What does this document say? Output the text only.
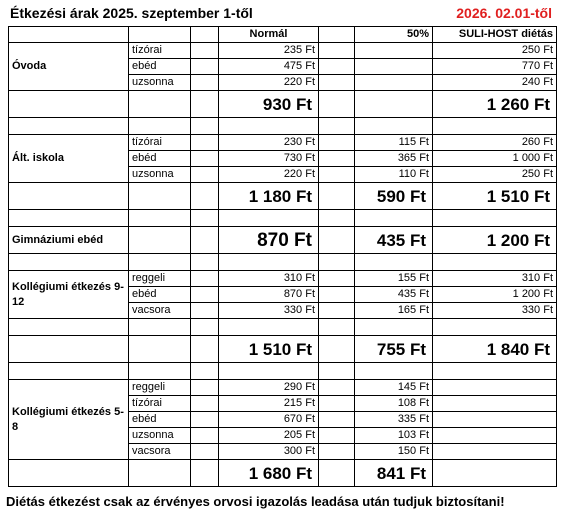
Étkezési árak 2025. szeptember 1-től	2026. 02.01-től
			Normál		50%	SULI-HOST diétás
Óvoda	tízórai		235 Ft			250 Ft
	ebéd		475 Ft			770 Ft
	uzsonna		220 Ft			240 Ft
			930 Ft			1 260 Ft

Ált. iskola	tízórai		230 Ft		115 Ft	260 Ft
	ebéd		730 Ft		365 Ft	1 000 Ft
	uzsonna		220 Ft		110 Ft	250 Ft
			1 180 Ft		590 Ft	1 510 Ft

Gimnáziumi ebéd			870 Ft		435 Ft	1 200 Ft

Kollégiumi étkezés 9-12	reggeli		310 Ft		155 Ft	310 Ft
	ebéd		870 Ft		435 Ft	1 200 Ft
	vacsora		330 Ft		165 Ft	330 Ft

			1 510 Ft		755 Ft	1 840 Ft

Kollégiumi étkezés 5-8	reggeli		290 Ft		145 Ft	
	tízórai		215 Ft		108 Ft	
	ebéd		670 Ft		335 Ft	
	uzsonna		205 Ft		103 Ft	
	vacsora		300 Ft		150 Ft	
			1 680 Ft		841 Ft	
Diétás étkezést csak az érvényes orvosi igazolás leadása után tudjuk biztosítani!
